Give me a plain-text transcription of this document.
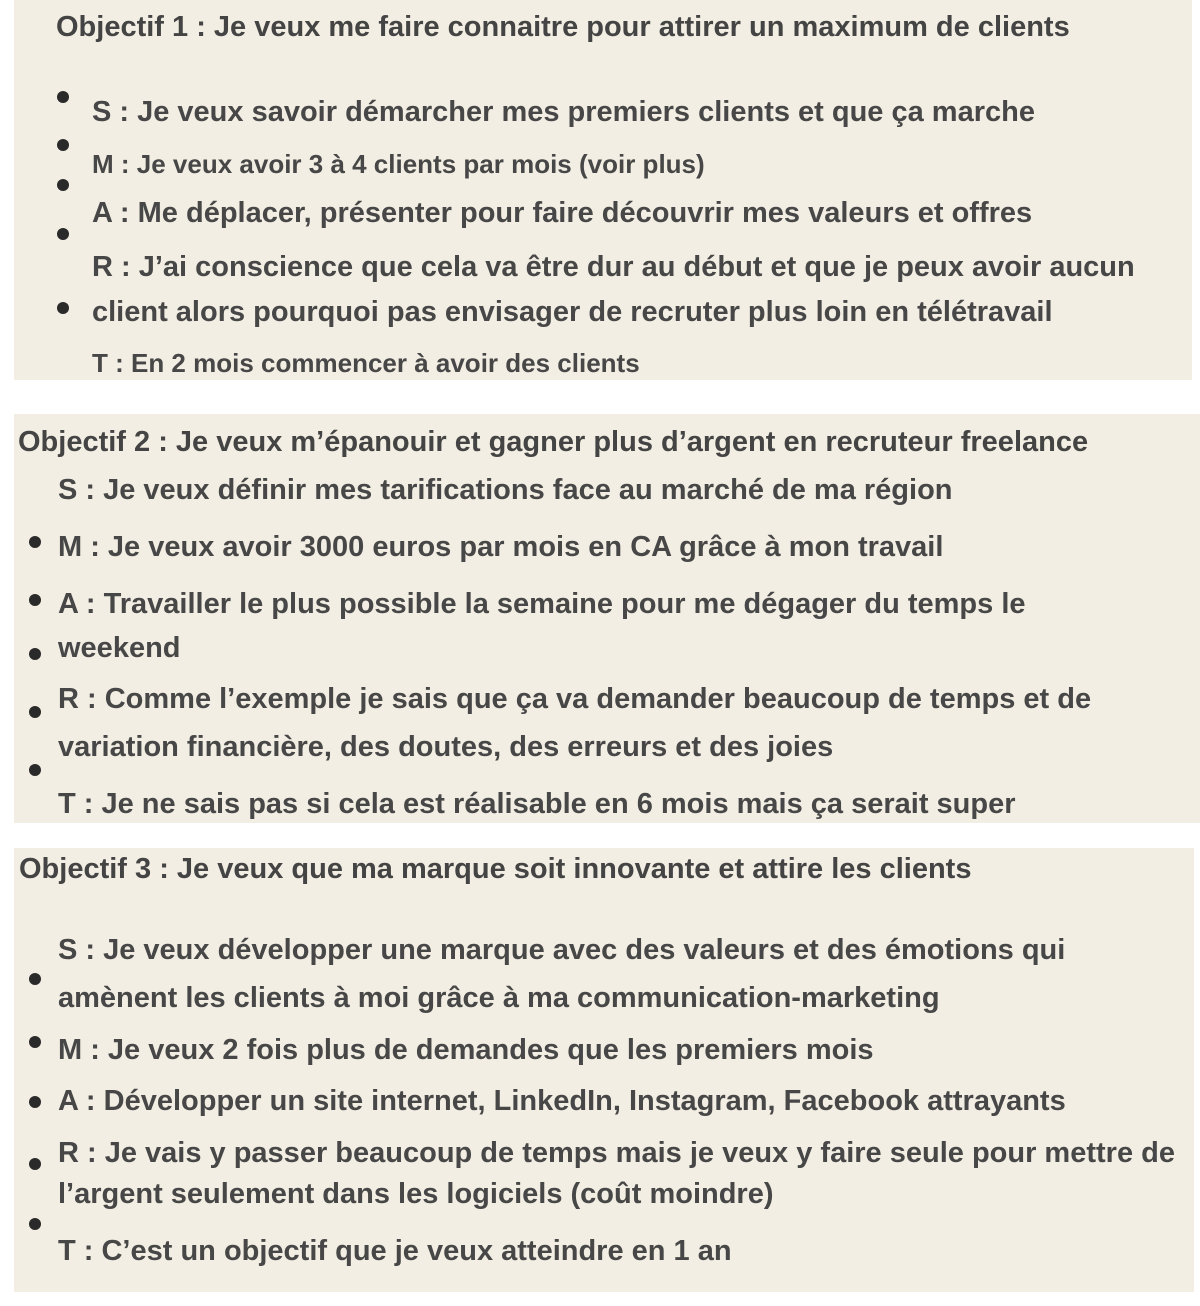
Objectif 1 : Je veux me faire connaitre pour attirer un maximum de clients
S : Je veux savoir démarcher mes premiers clients et que ça marche
M : Je veux avoir 3 à 4 clients par mois (voir plus)
A : Me déplacer, présenter pour faire découvrir mes valeurs et offres
R : J’ai conscience que cela va être dur au début et que je peux avoir aucun
client alors pourquoi pas envisager de recruter plus loin en télétravail
T : En 2 mois commencer à avoir des clients
Objectif 2 : Je veux m’épanouir et gagner plus d’argent en recruteur freelance
S : Je veux définir mes tarifications face au marché de ma région
M : Je veux avoir 3000 euros par mois en CA grâce à mon travail
A : Travailler le plus possible la semaine pour me dégager du temps le
weekend
R : Comme l’exemple je sais que ça va demander beaucoup de temps et de
variation financière, des doutes, des erreurs et des joies
T : Je ne sais pas si cela est réalisable en 6 mois mais ça serait super
Objectif 3 : Je veux que ma marque soit innovante et attire les clients
S : Je veux développer une marque avec des valeurs et des émotions qui
amènent les clients à moi grâce à ma communication-marketing
M : Je veux 2 fois plus de demandes que les premiers mois
A : Développer un site internet, LinkedIn, Instagram, Facebook attrayants
R : Je vais y passer beaucoup de temps mais je veux y faire seule pour mettre de
l’argent seulement dans les logiciels (coût moindre)
T : C’est un objectif que je veux atteindre en 1 an
